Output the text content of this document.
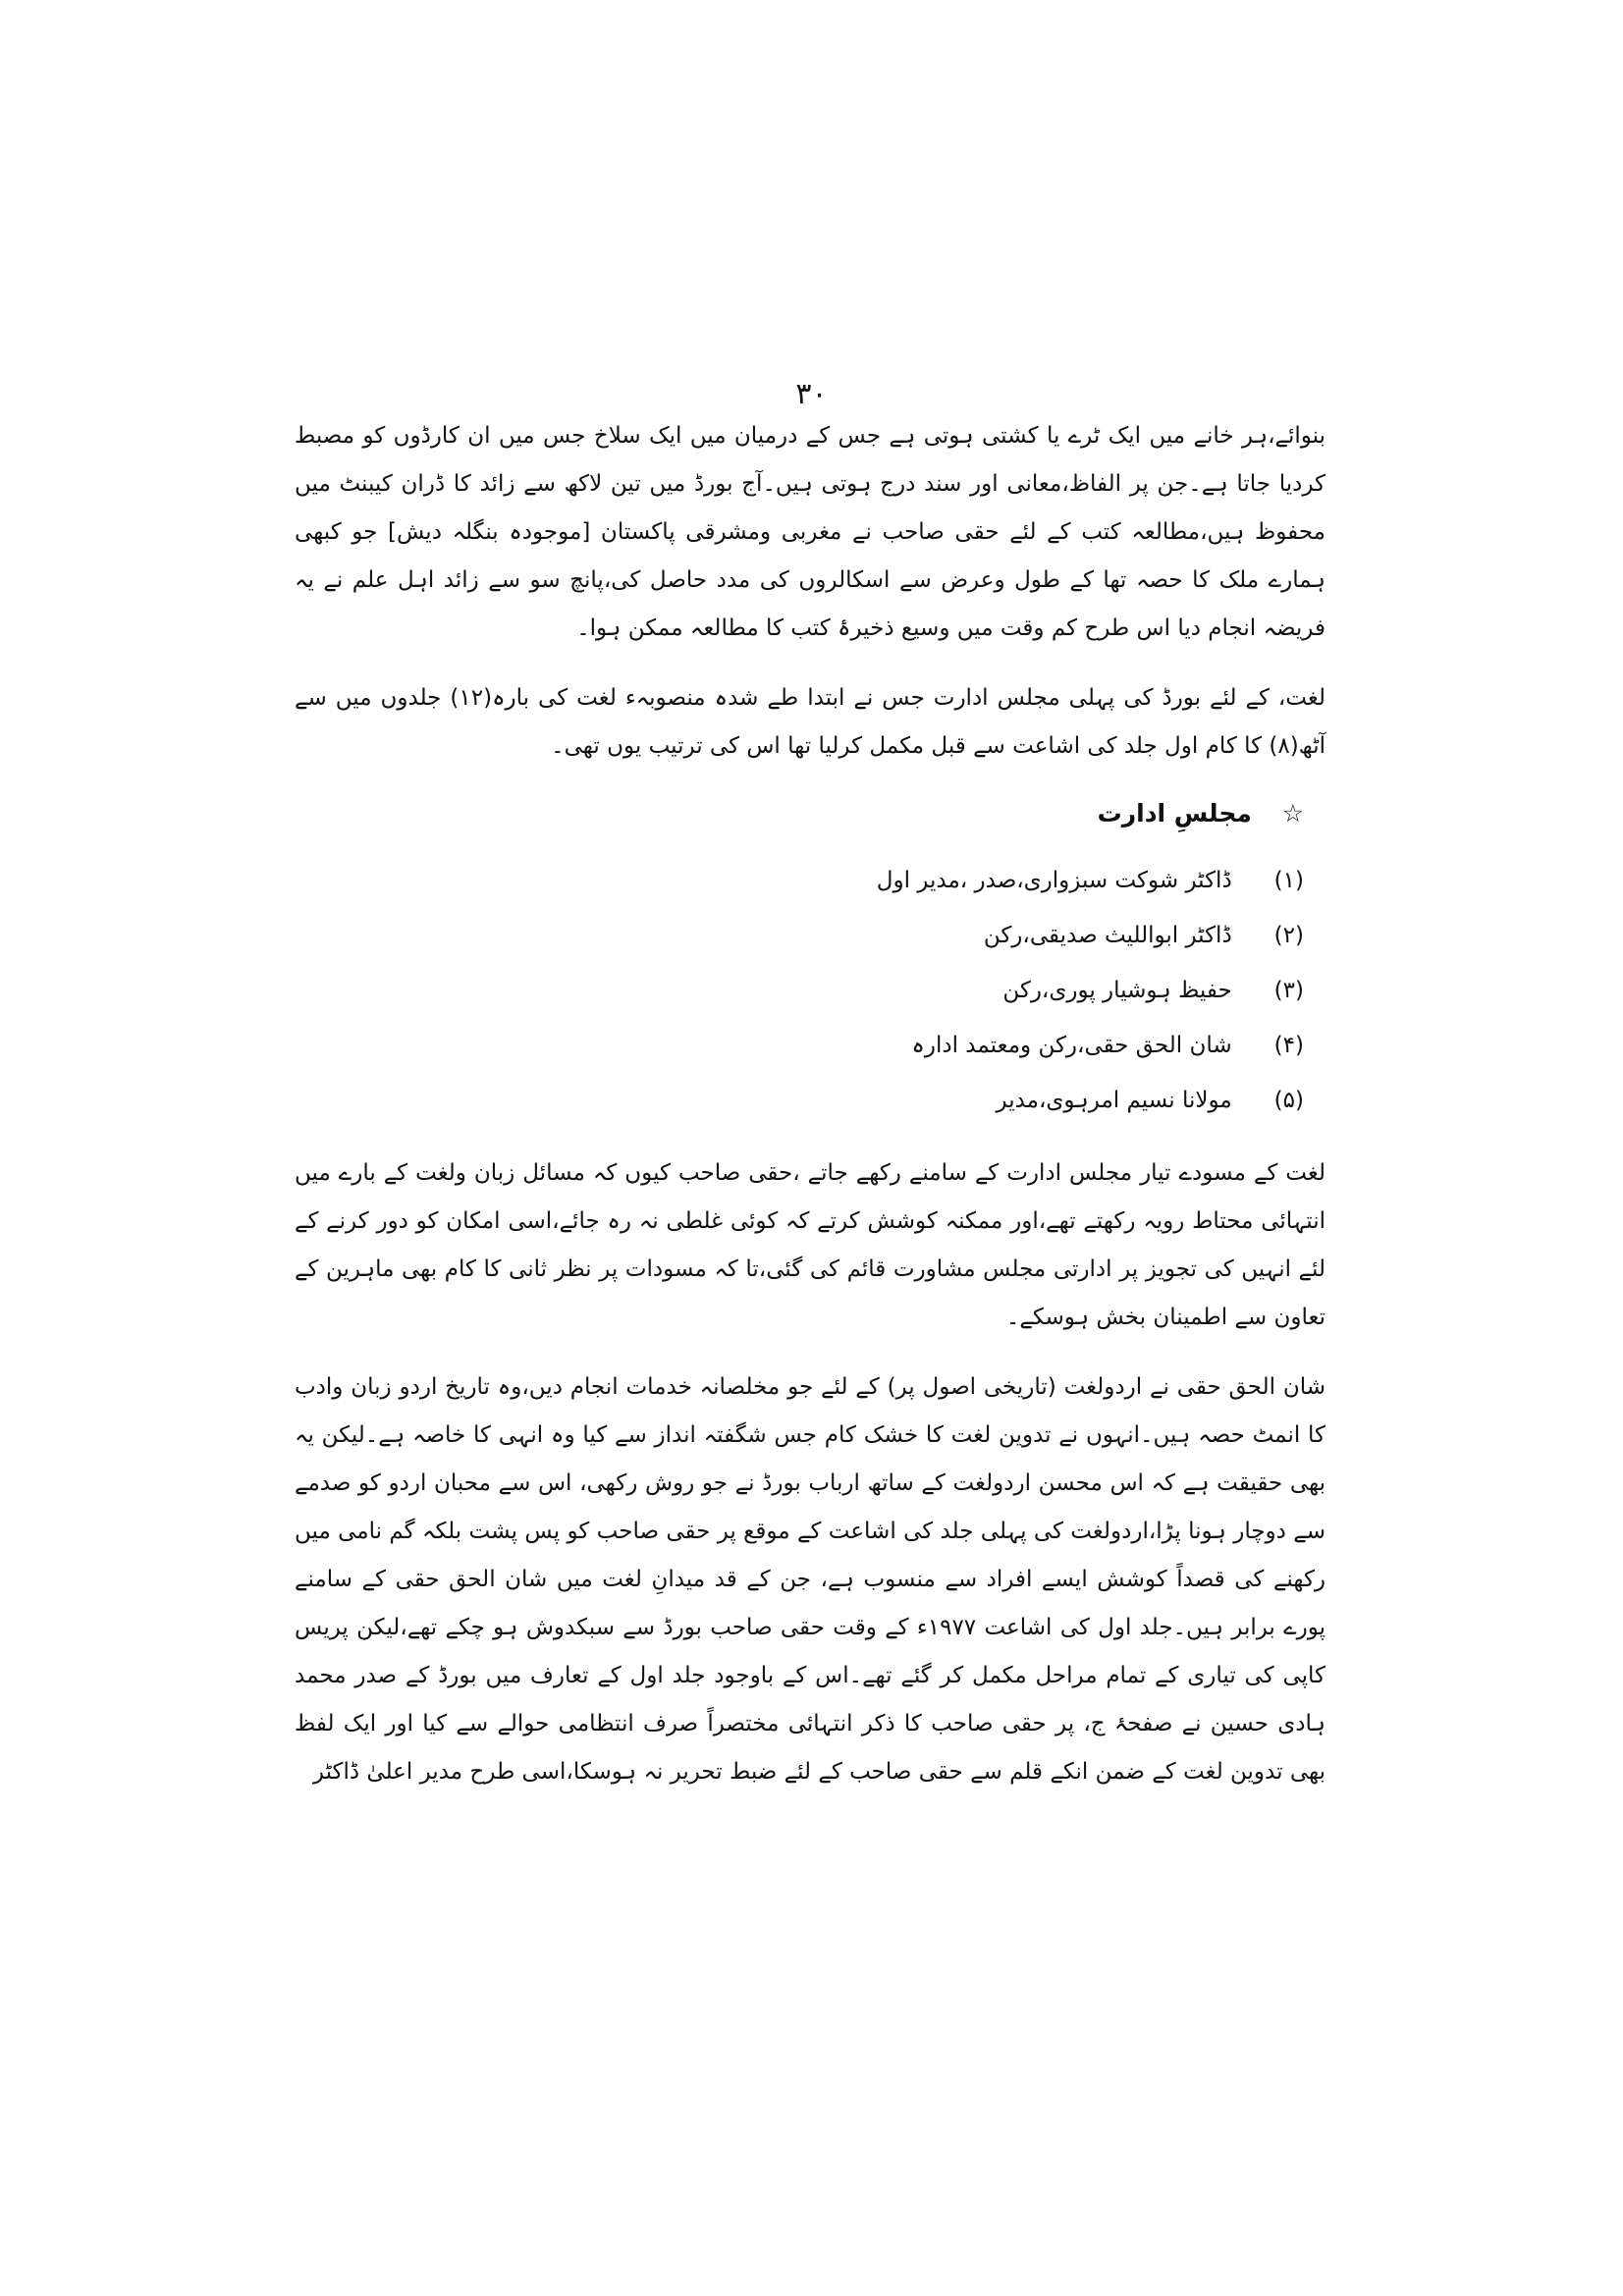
۳۰

بنوائے،ہر خانے میں ایک ٹرے یا کشتی ہوتی ہے جس کے درمیان میں ایک سلاخ جس میں ان کارڈوں کو مصبط کردیا جاتا ہے۔جن پر الفاظ،معانی اور سند درج ہوتی ہیں۔آج بورڈ میں تین لاکھ سے زائد کا ڈران کیبنٹ میں محفوظ ہیں،مطالعہ کتب کے لئے حقی صاحب نے مغربی ومشرقی پاکستان [موجودہ بنگلہ دیش] جو کبھی ہمارے ملک کا حصہ تھا کے طول وعرض سے اسکالروں کی مدد حاصل کی،پانچ سو سے زائد اہل علم نے یہ فریضہ انجام دیا اس طرح کم وقت میں وسیع ذخیرۂ کتب کا مطالعہ ممکن ہوا۔

لغت، کے لئے بورڈ کی پہلی مجلس ادارت جس نے ابتدا طے شدہ منصوبہء لغت کی بارہ(۱۲) جلدوں میں سے آٹھ(۸) کا کام اول جلد کی اشاعت سے قبل مکمل کرلیا تھا اس کی ترتیب یوں تھی۔

☆ مجلسِ ادارت
(۱) ڈاکٹر شوکت سبزواری،صدر ،مدیر اول
(۲) ڈاکٹر ابواللیث صدیقی،رکن
(۳) حفیظ ہوشیار پوری،رکن
(۴) شان الحق حقی،رکن ومعتمد ادارہ
(۵) مولانا نسیم امرہوی،مدیر

لغت کے مسودے تیار مجلس ادارت کے سامنے رکھے جاتے ،حقی صاحب کیوں کہ مسائل زبان ولغت کے بارے میں انتہائی محتاط رویہ رکھتے تھے،اور ممکنہ کوشش کرتے کہ کوئی غلطی نہ رہ جائے،اسی امکان کو دور کرنے کے لئے انہیں کی تجویز پر ادارتی مجلس مشاورت قائم کی گئی،تا کہ مسودات پر نظر ثانی کا کام بھی ماہرین کے تعاون سے اطمینان بخش ہوسکے۔

شان الحق حقی نے اردولغت (تاریخی اصول پر) کے لئے جو مخلصانہ خدمات انجام دیں،وہ تاریخ اردو زبان وادب کا انمٹ حصہ ہیں۔انہوں نے تدوین لغت کا خشک کام جس شگفتہ انداز سے کیا وہ انہی کا خاصہ ہے۔لیکن یہ بھی حقیقت ہے کہ اس محسن اردولغت کے ساتھ ارباب بورڈ نے جو روش رکھی، اس سے محبان اردو کو صدمے سے دوچار ہونا پڑا،اردولغت کی پہلی جلد کی اشاعت کے موقع پر حقی صاحب کو پس پشت بلکہ گم نامی میں رکھنے کی قصداً کوشش ایسے افراد سے منسوب ہے، جن کے قد میدانِ لغت میں شان الحق حقی کے سامنے پورے برابر ہیں۔جلد اول کی اشاعت ۱۹۷۷ء کے وقت حقی صاحب بورڈ سے سبکدوش ہو چکے تھے،لیکن پریس کاپی کی تیاری کے تمام مراحل مکمل کر گئے تھے۔اس کے باوجود جلد اول کے تعارف میں بورڈ کے صدر محمد ہادی حسین نے صفحۂ ج، پر حقی صاحب کا ذکر انتہائی مختصراً صرف انتظامی حوالے سے کیا اور ایک لفظ بھی تدوین لغت کے ضمن انکے قلم سے حقی صاحب کے لئے ضبط تحریر نہ ہوسکا،اسی طرح مدیر اعلیٰ ڈاکٹر
